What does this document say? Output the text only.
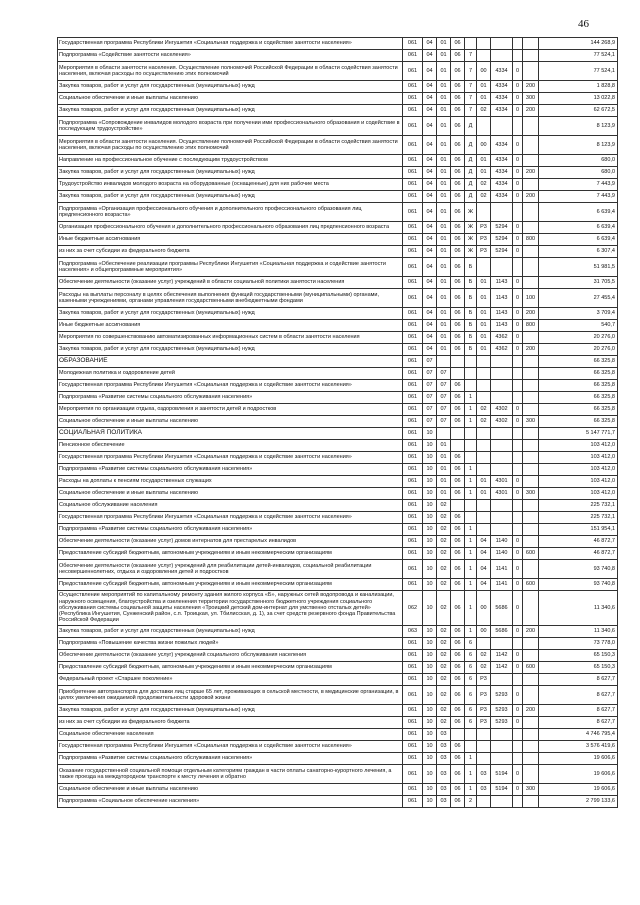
46
Государственная программа Республики Ингушетия «Социальная поддержка и содействие занятости населения»	061	04	01	06						144 268,9
Подпрограмма «Содействие занятости населения»	061	04	01	06	7					77 524,1
Мероприятия в области занятости населения. Осуществление полномочий Российской Федерации в области содействия занятости населения, включая расходы по осуществлению этих полномочий	061	04	01	06	7	00	4334	0		77 524,1
Закупка товаров, работ и услуг для государственных (муниципальных) нужд	061	04	01	06	7	01	4334	0	200	1 828,8
Социальное обеспечение и иные выплаты населению	061	04	01	06	7	01	4334	0	300	13 022,8
Закупка товаров, работ и услуг для государственных (муниципальных) нужд	061	04	01	06	7	02	4334	0	200	62 672,5
Подпрограмма «Сопровождение инвалидов молодого возраста при получении ими профессионального образования и содействие в последующем трудоустройстве»	061	04	01	06	Д					8 123,9
Мероприятия в области занятости населения. Осуществление полномочий Российской Федерации в области содействия занятости населения, включая расходы по осуществлению этих полномочий	061	04	01	06	Д	00	4334	0		8 123,9
Направление на профессиональное обучение с последующим трудоустройством	061	04	01	06	Д	01	4334	0		680,0
Закупка товаров, работ и услуг для государственных (муниципальных) нужд	061	04	01	06	Д	01	4334	0	200	680,0
Трудоустройство инвалидов молодого возраста на оборудованные (оснащенные) для них рабочие места	061	04	01	06	Д	02	4334	0		7 443,9
Закупка товаров, работ и услуг для государственных (муниципальных) нужд	061	04	01	06	Д	02	4334	0	200	7 443,9
Подпрограмма «Организация профессионального обучения и дополнительного профессионального образования лиц предпенсионного возраста»	061	04	01	06	Ж					6 639,4
Организация профессионального обучения и дополнительного профессионального образования лиц предпенсионного возраста	061	04	01	06	Ж	Р3	5294	0		6 639,4
Иные бюджетные ассигнования	061	04	01	06	Ж	Р3	5294	0	800	6 639,4
из них за счет субсидии из федерального бюджета	061	04	01	06	Ж	Р3	5294	0		6 307,4
Подпрограмма «Обеспечение реализации программы Республики Ингушетия «Социальная поддержка и содействие занятости населения» и общепрограммные мероприятия»	061	04	01	06	Б					51 981,5
Обеспечение деятельности (оказание услуг) учреждений в области социальной политики занятости населения	061	04	01	06	Б	01	1143	0		31 705,5
Расходы на выплаты персоналу в целях обеспечения выполнения функций государственными (муниципальными) органами, казенными учреждениями, органами управления государственными внебюджетными фондами	061	04	01	06	Б	01	1143	0	100	27 455,4
Закупка товаров, работ и услуг для государственных (муниципальных) нужд	061	04	01	06	Б	01	1143	0	200	3 709,4
Иные бюджетные ассигнования	061	04	01	06	Б	01	1143	0	800	540,7
Мероприятия по совершенствованию автоматизированных информационных систем в области занятости населения	061	04	01	06	Б	01	4362	0		20 276,0
Закупка товаров, работ и услуг для государственных (муниципальных) нужд	061	04	01	06	Б	01	4362	0	200	20 276,0
ОБРАЗОВАНИЕ	061	07								66 325,8
Молодежная политика и оздоровление детей	061	07	07							66 325,8
Государственная программа Республики Ингушетия «Социальная поддержка и содействие занятости населения»	061	07	07	06						66 325,8
Подпрограмма «Развитие системы социального обслуживания населения»	061	07	07	06	1					66 325,8
Мероприятия по организации отдыха, оздоровления и занятости детей и подростков	061	07	07	06	1	02	4302	0		66 325,8
Социальное обеспечение и иные выплаты населению	061	07	07	06	1	02	4302	0	300	66 325,8
СОЦИАЛЬНАЯ ПОЛИТИКА	061	10								5 147 771,7
Пенсионное обеспечение	061	10	01							103 412,0
Государственная программа Республики Ингушетия «Социальная поддержка и содействие занятости населения»	061	10	01	06						103 412,0
Подпрограмма «Развитие системы социального обслуживания населения»	061	10	01	06	1					103 412,0
Расходы на доплаты к пенсиям государственных служащих	061	10	01	06	1	01	4301	0		103 412,0
Социальное обеспечение и иные выплаты населению	061	10	01	06	1	01	4301	0	300	103 412,0
Социальное обслуживание населения	061	10	02							225 732,1
Государственная программа Республики Ингушетия «Социальная поддержка и содействие занятости населения»	061	10	02	06						225 732,1
Подпрограмма «Развитие системы социального обслуживания населения»	061	10	02	06	1					151 954,1
Обеспечение деятельности (оказание услуг) домов интернатов для престарелых инвалидов	061	10	02	06	1	04	1140	0		46 872,7
Предоставление субсидий бюджетным, автономным учреждениям и иным некоммерческим организациям	061	10	02	06	1	04	1140	0	600	46 872,7
Обеспечение деятельности (оказание услуг) учреждений для реабилитации детей-инвалидов, социальной реабилитации несовершеннолетних, отдыха и оздоровления детей и подростков	061	10	02	06	1	04	1141	0		93 740,8
Предоставление субсидий бюджетным, автономным учреждениям и иным некоммерческим организациям	061	10	02	06	1	04	1141	0	600	93 740,8
Осуществление мероприятий по капитальному ремонту здания жилого корпуса «Б», наружных сетей водопровода и канализации, наружного освещения, благоустройства и озеленения территории государственного бюджетного учреждения социального обслуживания системы социальной защиты населения «Троицкий детский дом-интернат для умственно отсталых детей» (Республика Ингушетия, Сунженский район, с.п. Троицкая, ул. Тбилисская, д. 1), за счет средств резервного фонда Правительства Российской Федерации	062	10	02	06	1	00	5686	0		11 340,6
Закупка товаров, работ и услуг для государственных (муниципальных) нужд	063	10	02	06	1	00	5686	0	200	11 340,6
Подпрограмма «Повышение качества жизни пожилых людей»	061	10	02	06	6					73 778,0
Обеспечение деятельности (оказание услуг) учреждений социального обслуживания населения	061	10	02	06	6	02	1142	0		65 150,3
Предоставление субсидий бюджетным, автономным учреждениям и иным некоммерческим организациям	061	10	02	06	6	02	1142	0	600	65 150,3
Федеральный проект «Старшее поколение»	061	10	02	06	6	Р3				8 627,7
Приобретение автотранспорта для доставки лиц старше 65 лет, проживающих в сельской местности, в медицинские организации, в целях увеличения ожидаемой продолжительности здоровой жизни	061	10	02	06	6	Р3	5293	0		8 627,7
Закупка товаров, работ и услуг для государственных (муниципальных) нужд	061	10	02	06	6	Р3	5293	0	200	8 627,7
из них за счет субсидии из федерального бюджета	061	10	02	06	6	Р3	5293	0		8 627,7
Социальное обеспечение населения	061	10	03							4 746 795,4
Государственная программа Республики Ингушетия «Социальная поддержка и содействие занятости населения»	061	10	03	06						3 576 419,6
Подпрограмма «Развитие системы социального обслуживания населения»	061	10	03	06	1					19 606,6
Оказание государственной социальной помощи отдельным категориям граждан в части оплаты санаторно-курортного лечения, а также проезда на междугородном транспорте к месту лечения и обратно	061	10	03	06	1	03	5194	0		19 606,6
Социальное обеспечение и иные выплаты населению	061	10	03	06	1	03	5194	0	300	19 606,6
Подпрограмма «Социальное обеспечение населения»	061	10	03	06	2					2 799 133,6
